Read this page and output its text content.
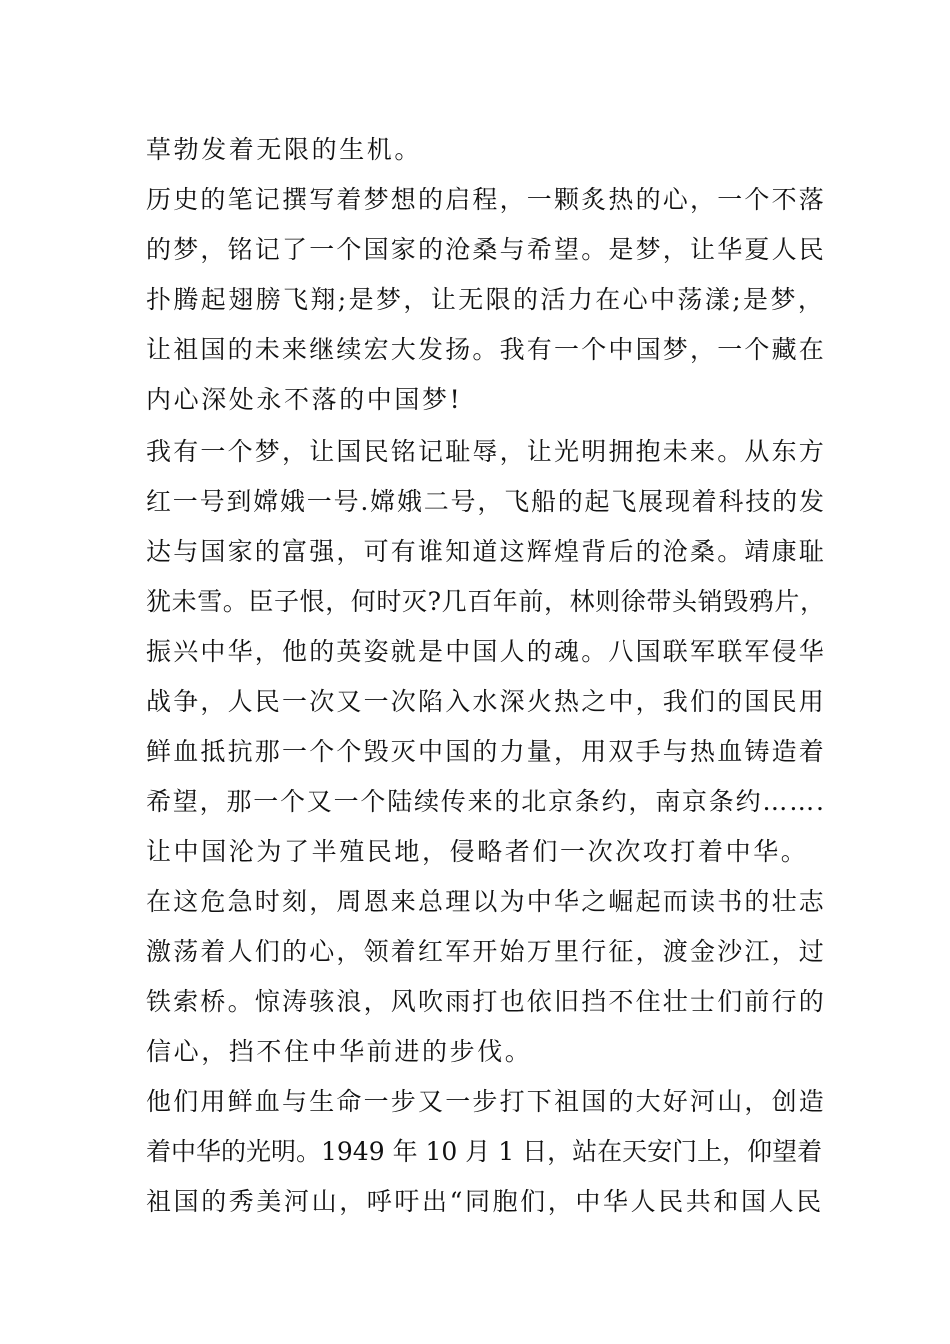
草勃发着无限的生机。

历史的笔记撰写着梦想的启程，一颗炙热的心，一个不落

的梦，铭记了一个国家的沧桑与希望。是梦，让华夏人民

扑腾起翅膀飞翔;是梦，让无限的活力在心中荡漾;是梦，

让祖国的未来继续宏大发扬。我有一个中国梦，一个藏在

内心深处永不落的中国梦!

我有一个梦，让国民铭记耻辱，让光明拥抱未来。从东方

红一号到嫦娥一号.嫦娥二号，飞船的起飞展现着科技的发

达与国家的富强，可有谁知道这辉煌背后的沧桑。靖康耻

犹未雪。臣子恨，何时灭?几百年前，林则徐带头销毁鸦片，

振兴中华，他的英姿就是中国人的魂。八国联军联军侵华

战争，人民一次又一次陷入水深火热之中，我们的国民用

鲜血抵抗那一个个毁灭中国的力量，用双手与热血铸造着

希望，那一个又一个陆续传来的北京条约，南京条约…….

让中国沦为了半殖民地，侵略者们一次次攻打着中华。

在这危急时刻，周恩来总理以为中华之崛起而读书的壮志

激荡着人们的心，领着红军开始万里行征，渡金沙江，过

铁索桥。惊涛骇浪，风吹雨打也依旧挡不住壮士们前行的

信心，挡不住中华前进的步伐。

他们用鲜血与生命一步又一步打下祖国的大好河山，创造

着中华的光明。1949 年 10 月 1 日，站在天安门上，仰望着

祖国的秀美河山，呼吁出“同胞们，中华人民共和国人民
